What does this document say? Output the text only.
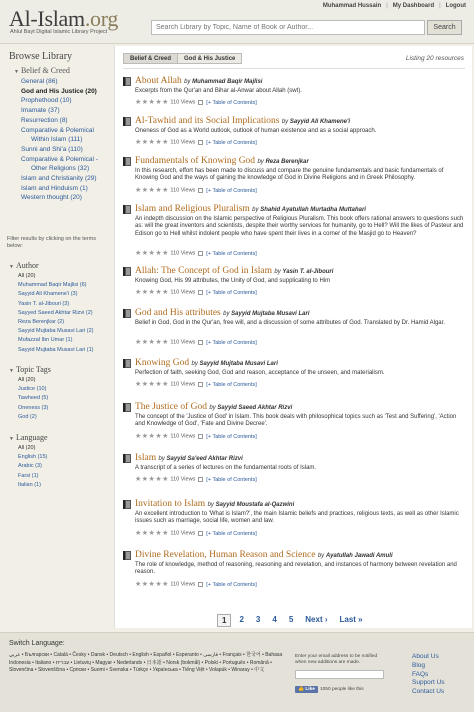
Al-Islam.org
Ahlul Bayt Digital Islamic Library Project
Muhammad Hussain | My Dashboard | Logout
Search Library by Topic, Name of Book or Author...
Search
Browse Library
▼ Belief & Creed
General (86)
God and His Justice (20)
Prophethood (10)
Imamate (37)
Resurrection (8)
Comparative & Polemical
Within Islam (111)
Sunni and Shi'a (110)
Comparative & Polemical -
Other Religions (32)
Islam and Christianity (29)
Islam and Hinduism (1)
Western thought (20)
Filter results by clicking on the terms below:
▼ Author
All (20)
Muhammad Baqir Majlisi (6)
Sayyid Ali Khamene'i (3)
Yasin T. al-Jibouri (3)
Sayyed Saeed Akhtar Rizvi (2)
Reza Berenjkar (2)
Sayyid Mujtaba Musavi Lari (2)
Mufazzal Ibn Umar (1)
Sayyid Mujtaba Musavi Lari (1)
▼ Topic Tags
All (20)
Justice (10)
Tawheed (5)
Oneness (3)
God (2)
▼ Language
All (20)
English (15)
Arabic (3)
Farsi (1)
Italian (1)
Belief & Creed	God & His Justice	Listing 20 resources
About Allah by Muhammad Baqir Majlisi
Excerpts from the Qur'an and Bihar al-Anwar about Allah (swt).
★★★★★ 110 Views [+ Table of Contents]
Al-Tawhid and its Social Implications by Sayyid Ali Khamene'i
Oneness of God as a World outlook, outlook of human existence and as a social approach.
★★★★★ 110 Views [+ Table of Contents]
Fundamentals of Knowing God by Reza Berenjkar
In this research, effort has been made to discuss and compare the genuine fundamentals and basic fundamentals of Knowing God and the ways of gaining the knowledge of God in Divine Religions and in Greek Philosophy.
★★★★★ 110 Views [+ Table of Contents]
Islam and Religious Pluralism by Shahid Ayatullah Murtadha Muttahari
An indepth discussion on the Islamic perspective of Religious Pluralism. This book offers rational answers to questions such as: will the great inventors and scientists, despite their worthy services for humanity, go to Hell? Will the likes of Pasteur and Edison go to Hell whilst indolent people who have spent their lives in a corner of the Masjid go to Heaven?
★★★★★ 110 Views [+ Table of Contents]
Allah: The Concept of God in Islam by Yasin T. al-Jibouri
Knowing God, His 99 attributes, the Unity of God, and supplicating to Him
★★★★★ 110 Views [+ Table of Contents]
God and His attributes by Sayyid Mujtaba Musavi Lari
Belief in God, God in the Qur'an, free will, and a discussion of some attributes of God. Translated by Dr. Hamid Algar.
★★★★★ 110 Views [+ Table of Contents]
Knowing God by Sayyid Mujtaba Musavi Lari
Perfection of faith, seeking God, God and reason, acceptance of the unseen, and materialism.
★★★★★ 110 Views [+ Table of Contents]
The Justice of God by Sayyid Saeed Akhtar Rizvi
The concept of the 'Justice of God' in Islam. This book deals with philosophical topics such as 'Test and Suffering', 'Action and Knowledge of God', 'Fate and Divine Decree'.
★★★★★ 110 Views [+ Table of Contents]
Islam by Sayyid Sa'eed Akhtar Rizvi
A transcript of a series of lectures on the fundamental roots of Islam.
★★★★★ 110 Views [+ Table of Contents]
Invitation to Islam by Sayyid Moustafa al-Qazwini
An excellent introduction to 'What is Islam?', the main Islamic beliefs and practices, religious texts, as well as other Islamic issues such as marriage, social life, women and law.
★★★★★ 110 Views [+ Table of Contents]
Divine Revelation, Human Reason and Science by Ayatullah Jawadi Amuli
The role of knowledge, method of reasoning, reasoning and revelation, and instances of harmony between revelation and reason.
★★★★★ 110 Views [+ Table of Contents]
1	2	3	4	5	Next ›	Last »
Switch Language:
عربي • Български • Català • Česky • Dansk • Deutsch • English • Español • Esperanto • فارسی • Français • 한국어 • Bahasa Indonesia • Italiano • עברית • Lietuvių • Magyar • Nederlands • 日本語 • Norsk (bokmål) • Polski • Português • Română • Slovenčina • Slovenščina • Српски • Suomi • Svenska • Türkçe • Українська • Tiếng Việt • Volapük • Winaray • 中文
Enter your email address to be notified when new additions are made.
👍 Like	1050 people like this
About Us
Blog
FAQs
Support Us
Contact Us
